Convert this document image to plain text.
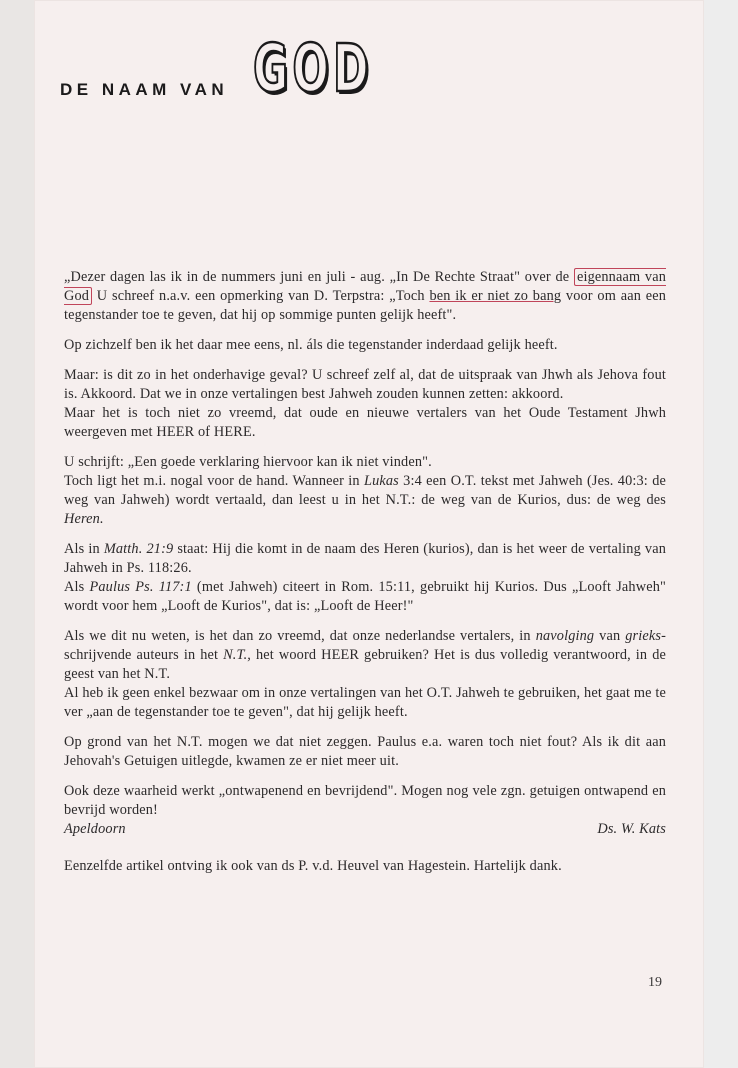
DE NAAM VAN GOD

„Dezer dagen las ik in de nummers juni en juli - aug. „In De Rechte Straat" over de eigennaam van God U schreef n.a.v. een opmerking van D. Terpstra: „Toch ben ik er niet zo bang voor om aan een tegenstander toe te geven, dat hij op sommige punten gelijk heeft".

Op zichzelf ben ik het daar mee eens, nl. áls die tegenstander inderdaad gelijk heeft.

Maar: is dit zo in het onderhavige geval? U schreef zelf al, dat de uitspraak van Jhwh als Jehova fout is. Akkoord. Dat we in onze vertalingen best Jahweh zouden kunnen zetten: akkoord.

Maar het is toch niet zo vreemd, dat oude en nieuwe vertalers van het Oude Testament Jhwh weergeven met HEER of HERE.

U schrijft: „Een goede verklaring hiervoor kan ik niet vinden".

Toch ligt het m.i. nogal voor de hand. Wanneer in Lukas 3:4 een O.T. tekst met Jahweh (Jes. 40:3: de weg van Jahweh) wordt vertaald, dan leest u in het N.T.: de weg van de Kurios, dus: de weg des Heren.

Als in Matth. 21:9 staat: Hij die komt in de naam des Heren (kurios), dan is het weer de vertaling van Jahweh in Ps. 118:26.

Als Paulus Ps. 117:1 (met Jahweh) citeert in Rom. 15:11, gebruikt hij Kurios. Dus „Looft Jahweh" wordt voor hem „Looft de Kurios", dat is: „Looft de Heer!"

Als we dit nu weten, is het dan zo vreemd, dat onze nederlandse vertalers, in navolging van grieks-schrijvende auteurs in het N.T., het woord HEER gebruiken? Het is dus volledig verantwoord, in de geest van het N.T.

Al heb ik geen enkel bezwaar om in onze vertalingen van het O.T. Jahweh te gebruiken, het gaat me te ver „aan de tegenstander toe te geven", dat hij gelijk heeft.

Op grond van het N.T. mogen we dat niet zeggen. Paulus e.a. waren toch niet fout? Als ik dit aan Jehovah's Getuigen uitlegde, kwamen ze er niet meer uit.

Ook deze waarheid werkt „ontwapenend en bevrijdend". Mogen nog vele zgn. getuigen ontwapend en bevrijd worden!

Apeldoorn	Ds. W. Kats

Eenzelfde artikel ontving ik ook van ds P. v.d. Heuvel van Hagestein. Hartelijk dank.

19
